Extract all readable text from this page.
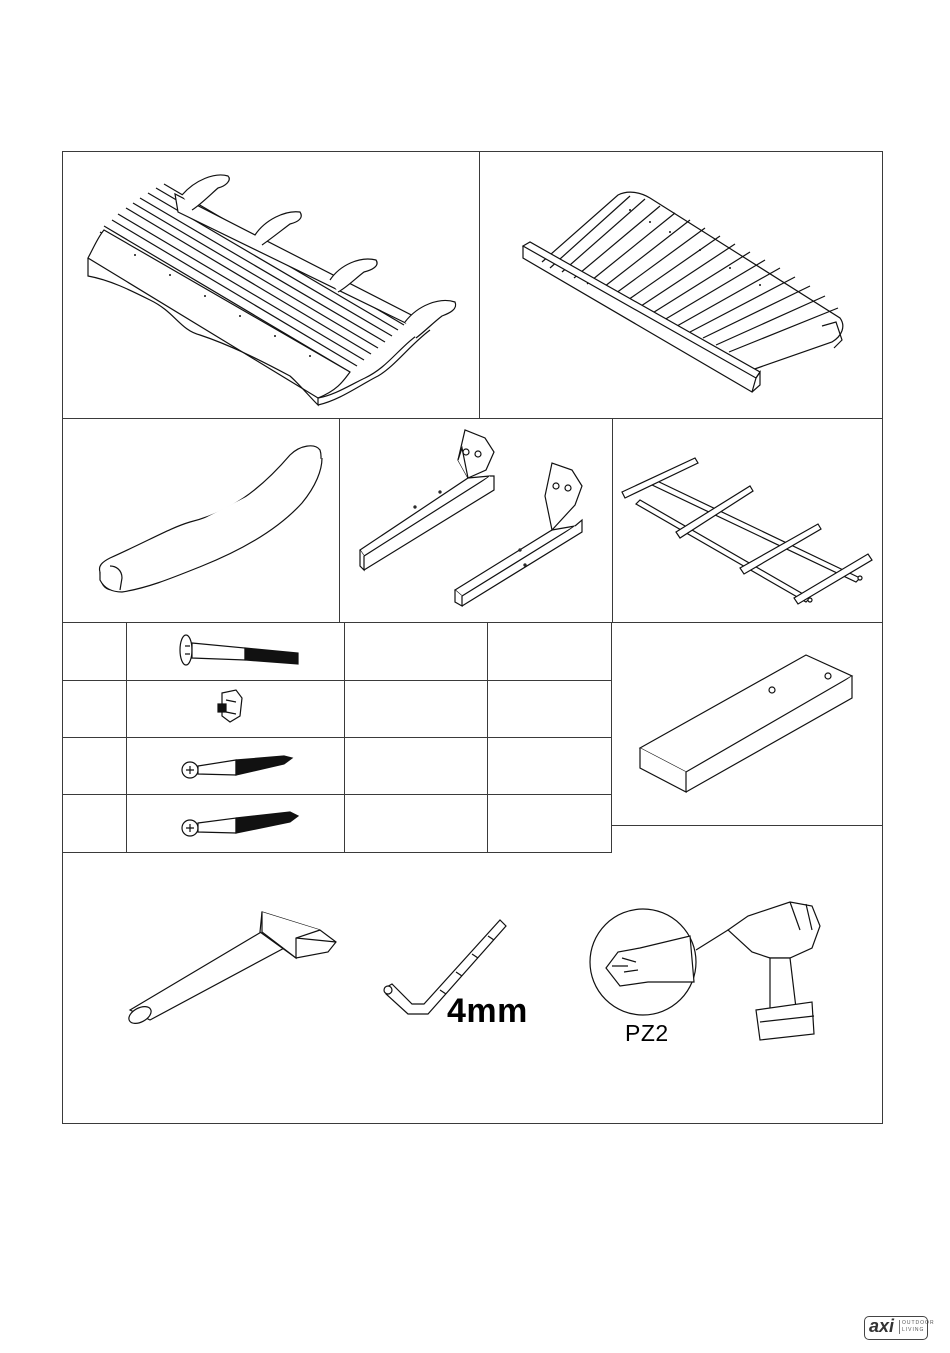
4mm
PZ2
axi	OUTDOOR LIVING
